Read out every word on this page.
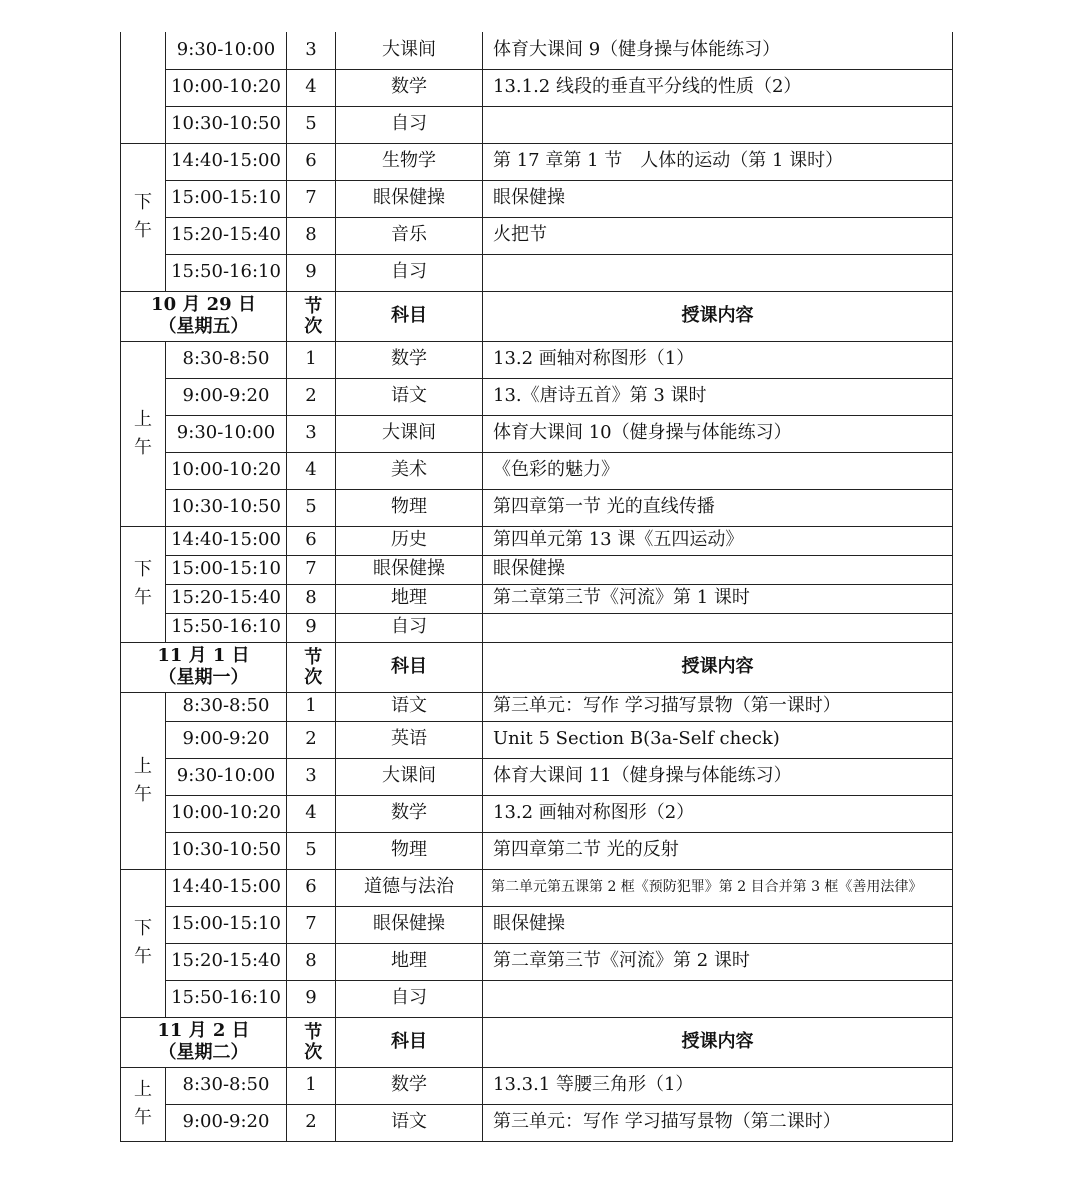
	9:30-10:00	3	大课间	体育大课间 9（健身操与体能练习）
	10:00-10:20	4	数学	13.1.2 线段的垂直平分线的性质（2）
	10:30-10:50	5	自习	
下午	14:40-15:00	6	生物学	第 17 章第 1 节　人体的运动（第 1 课时）
	15:00-15:10	7	眼保健操	眼保健操
	15:20-15:40	8	音乐	火把节
	15:50-16:10	9	自习	

10 月 29 日
（星期五）		节次	科目	授课内容
上午	8:30-8:50	1	数学	13.2 画轴对称图形（1）
	9:00-9:20	2	语文	13.《唐诗五首》第 3 课时
	9:30-10:00	3	大课间	体育大课间 10（健身操与体能练习）
	10:00-10:20	4	美术	《色彩的魅力》
	10:30-10:50	5	物理	第四章第一节 光的直线传播
下午	14:40-15:00	6	历史	第四单元第 13 课《五四运动》
	15:00-15:10	7	眼保健操	眼保健操
	15:20-15:40	8	地理	第二章第三节《河流》第 1 课时
	15:50-16:10	9	自习	

11 月 1 日
（星期一）		节次	科目	授课内容
上午	8:30-8:50	1	语文	第三单元：写作 学习描写景物（第一课时）
	9:00-9:20	2	英语	Unit 5 Section B(3a-Self check)
	9:30-10:00	3	大课间	体育大课间 11（健身操与体能练习）
	10:00-10:20	4	数学	13.2 画轴对称图形（2）
	10:30-10:50	5	物理	第四章第二节 光的反射
下午	14:40-15:00	6	道德与法治	第二单元第五课第 2 框《预防犯罪》第 2 目合并第 3 框《善用法律》
	15:00-15:10	7	眼保健操	眼保健操
	15:20-15:40	8	地理	第二章第三节《河流》第 2 课时
	15:50-16:10	9	自习	

11 月 2 日
（星期二）		节次	科目	授课内容
上午	8:30-8:50	1	数学	13.3.1 等腰三角形（1）
	9:00-9:20	2	语文	第三单元：写作 学习描写景物（第二课时）
